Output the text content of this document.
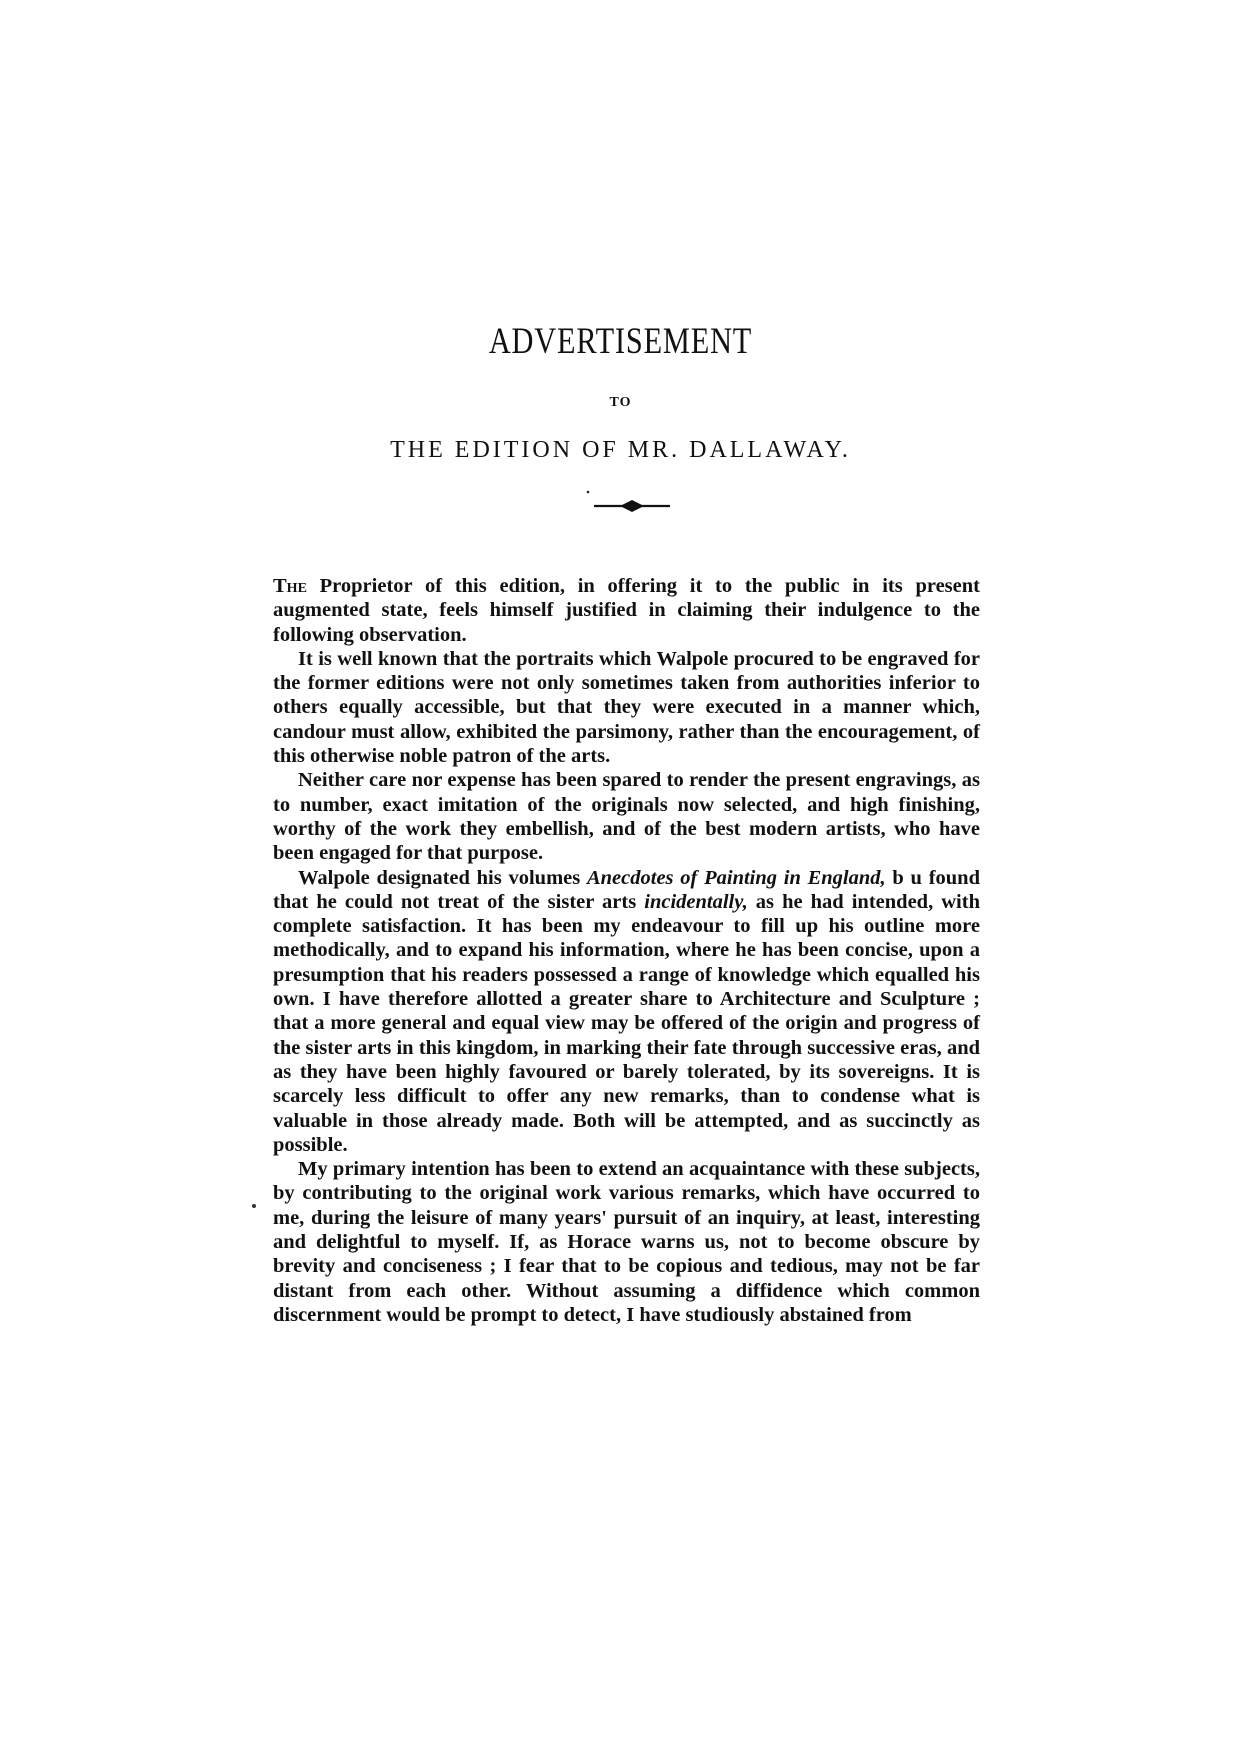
ADVERTISEMENT
TO
THE EDITION OF MR. DALLAWAY.

The Proprietor of this edition, in offering it to the public in its present augmented state, feels himself justified in claiming their indulgence to the following observation.

It is well known that the portraits which Walpole procured to be engraved for the former editions were not only sometimes taken from authorities inferior to others equally accessible, but that they were executed in a manner which, candour must allow, exhibited the parsimony, rather than the encouragement, of this otherwise noble patron of the arts.

Neither care nor expense has been spared to render the present engravings, as to number, exact imitation of the originals now selected, and high finishing, worthy of the work they embellish, and of the best modern artists, who have been engaged for that purpose.

Walpole designated his volumes Anecdotes of Painting in England, b u found that he could not treat of the sister arts incidentally, as he had intended, with complete satisfaction. It has been my endeavour to fill up his outline more methodically, and to expand his information, where he has been concise, upon a presumption that his readers possessed a range of knowledge which equalled his own. I have therefore allotted a greater share to Architecture and Sculpture ; that a more general and equal view may be offered of the origin and progress of the sister arts in this kingdom, in marking their fate through successive eras, and as they have been highly favoured or barely tolerated, by its sovereigns. It is scarcely less difficult to offer any new remarks, than to condense what is valuable in those already made. Both will be attempted, and as succinctly as possible.

My primary intention has been to extend an acquaintance with these subjects, by contributing to the original work various remarks, which have occurred to me, during the leisure of many years' pursuit of an inquiry, at least, interesting and delightful to myself. If, as Horace warns us, not to become obscure by brevity and conciseness ; I fear that to be copious and tedious, may not be far distant from each other. Without assuming a diffidence which common discernment would be prompt to detect, I have studiously abstained from
